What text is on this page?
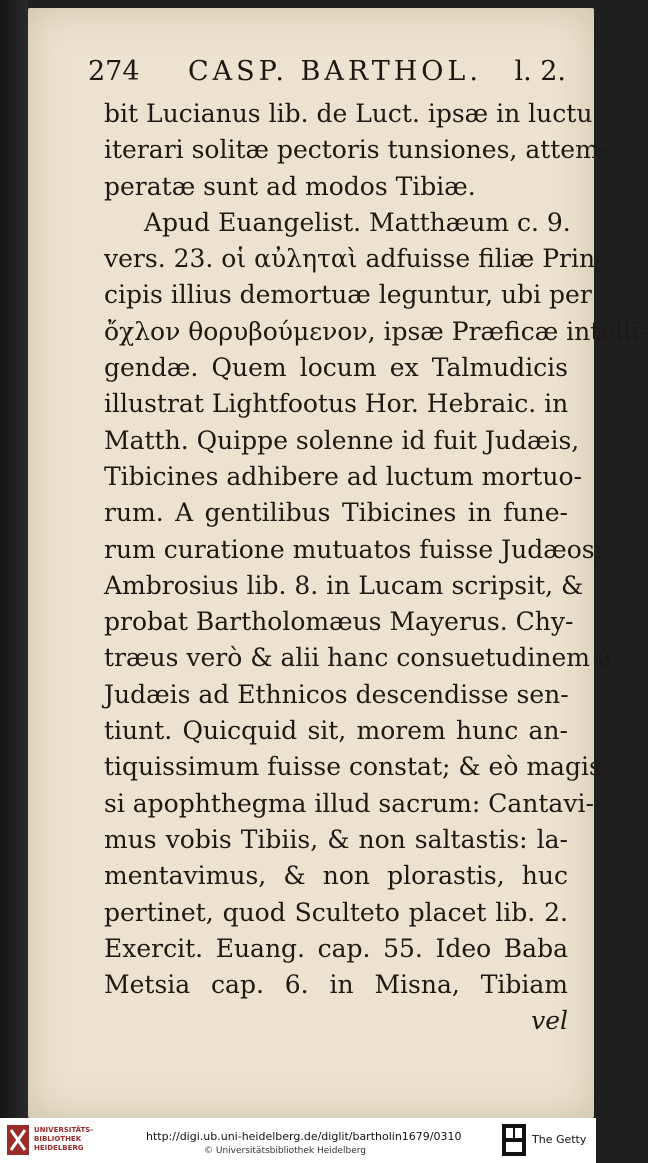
274 CASP. BARTHOL. l. 2.
bit Lucianus lib. de Luct. ipsæ in luctu
iterari solitæ pectoris tunsiones, attem-
peratæ sunt ad modos Tibiæ.
Apud Euangelist. Matthæum c. 9.
vers. 23. οἱ αὐληταὶ adfuisse filiæ Prin-
cipis illius demortuæ leguntur, ubi per
ὄχλον θορυβούμενον, ipsæ Præficæ intelli-
gendæ. Quem locum ex Talmudicis
illustrat Lightfootus Hor. Hebraic. in
Matth. Quippe solenne id fuit Judæis,
Tibicines adhibere ad luctum mortuo-
rum. A gentilibus Tibicines in fune-
rum curatione mutuatos fuisse Judæos,
Ambrosius lib. 8. in Lucam scripsit, &
probat Bartholomæus Mayerus. Chy-
træus verò & alii hanc consuetudinem à
Judæis ad Ethnicos descendisse sen-
tiunt. Quicquid sit, morem hunc an-
tiquissimum fuisse constat; & eò magis,
si apophthegma illud sacrum: Cantavi-
mus vobis Tibiis, & non saltastis: la-
mentavimus, & non plorastis, huc
pertinet, quod Sculteto placet lib. 2.
Exercit. Euang. cap. 55. Ideo Baba
Metsia cap. 6. in Misna, Tibiam
vel
UNIVERSITÄTS-BIBLIOTHEK HEIDELBERG
http://digi.ub.uni-heidelberg.de/diglit/bartholin1679/0310
© Universitätsbibliothek Heidelberg
The Getty
